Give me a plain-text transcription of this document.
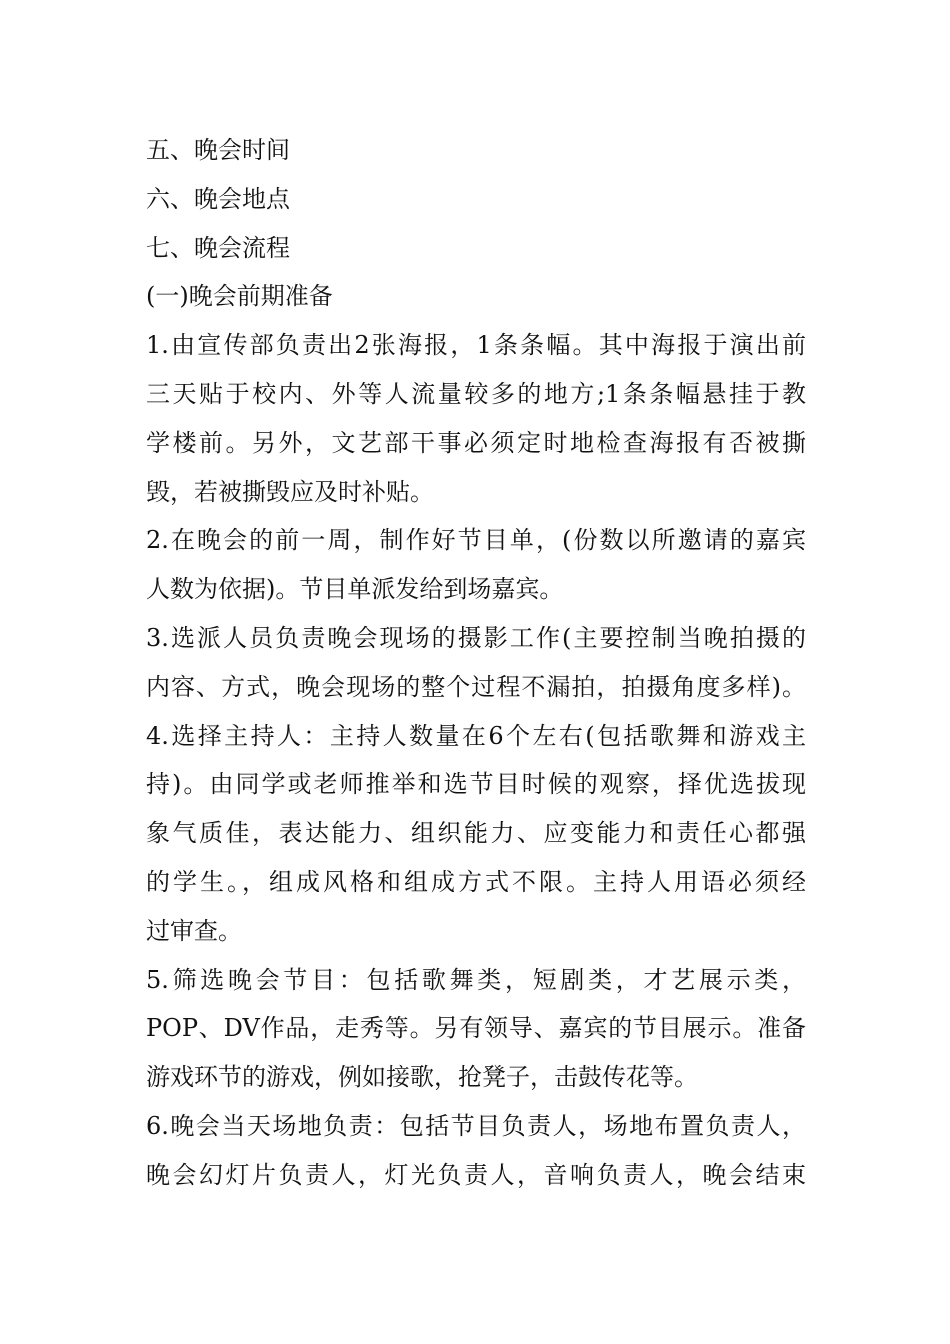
五、晚会时间
六、晚会地点
七、晚会流程
(一)晚会前期准备
1.由宣传部负责出2张海报，1条条幅。其中海报于演出前
三天贴于校内、外等人流量较多的地方;1条条幅悬挂于教
学楼前。另外，文艺部干事必须定时地检查海报有否被撕
毁，若被撕毁应及时补贴。
2.在晚会的前一周，制作好节目单，(份数以所邀请的嘉宾
人数为依据)。节目单派发给到场嘉宾。
3.选派人员负责晚会现场的摄影工作(主要控制当晚拍摄的
内容、方式，晚会现场的整个过程不漏拍，拍摄角度多样)。
4.选择主持人：主持人数量在6个左右(包括歌舞和游戏主
持)。由同学或老师推举和选节目时候的观察，择优选拔现
象气质佳，表达能力、组织能力、应变能力和责任心都强
的学生。，组成风格和组成方式不限。主持人用语必须经
过审查。
5.筛选晚会节目：包括歌舞类，短剧类，才艺展示类，
POP、DV作品，走秀等。另有领导、嘉宾的节目展示。准备
游戏环节的游戏，例如接歌，抢凳子，击鼓传花等。
6.晚会当天场地负责：包括节目负责人，场地布置负责人，
晚会幻灯片负责人，灯光负责人，音响负责人，晚会结束
